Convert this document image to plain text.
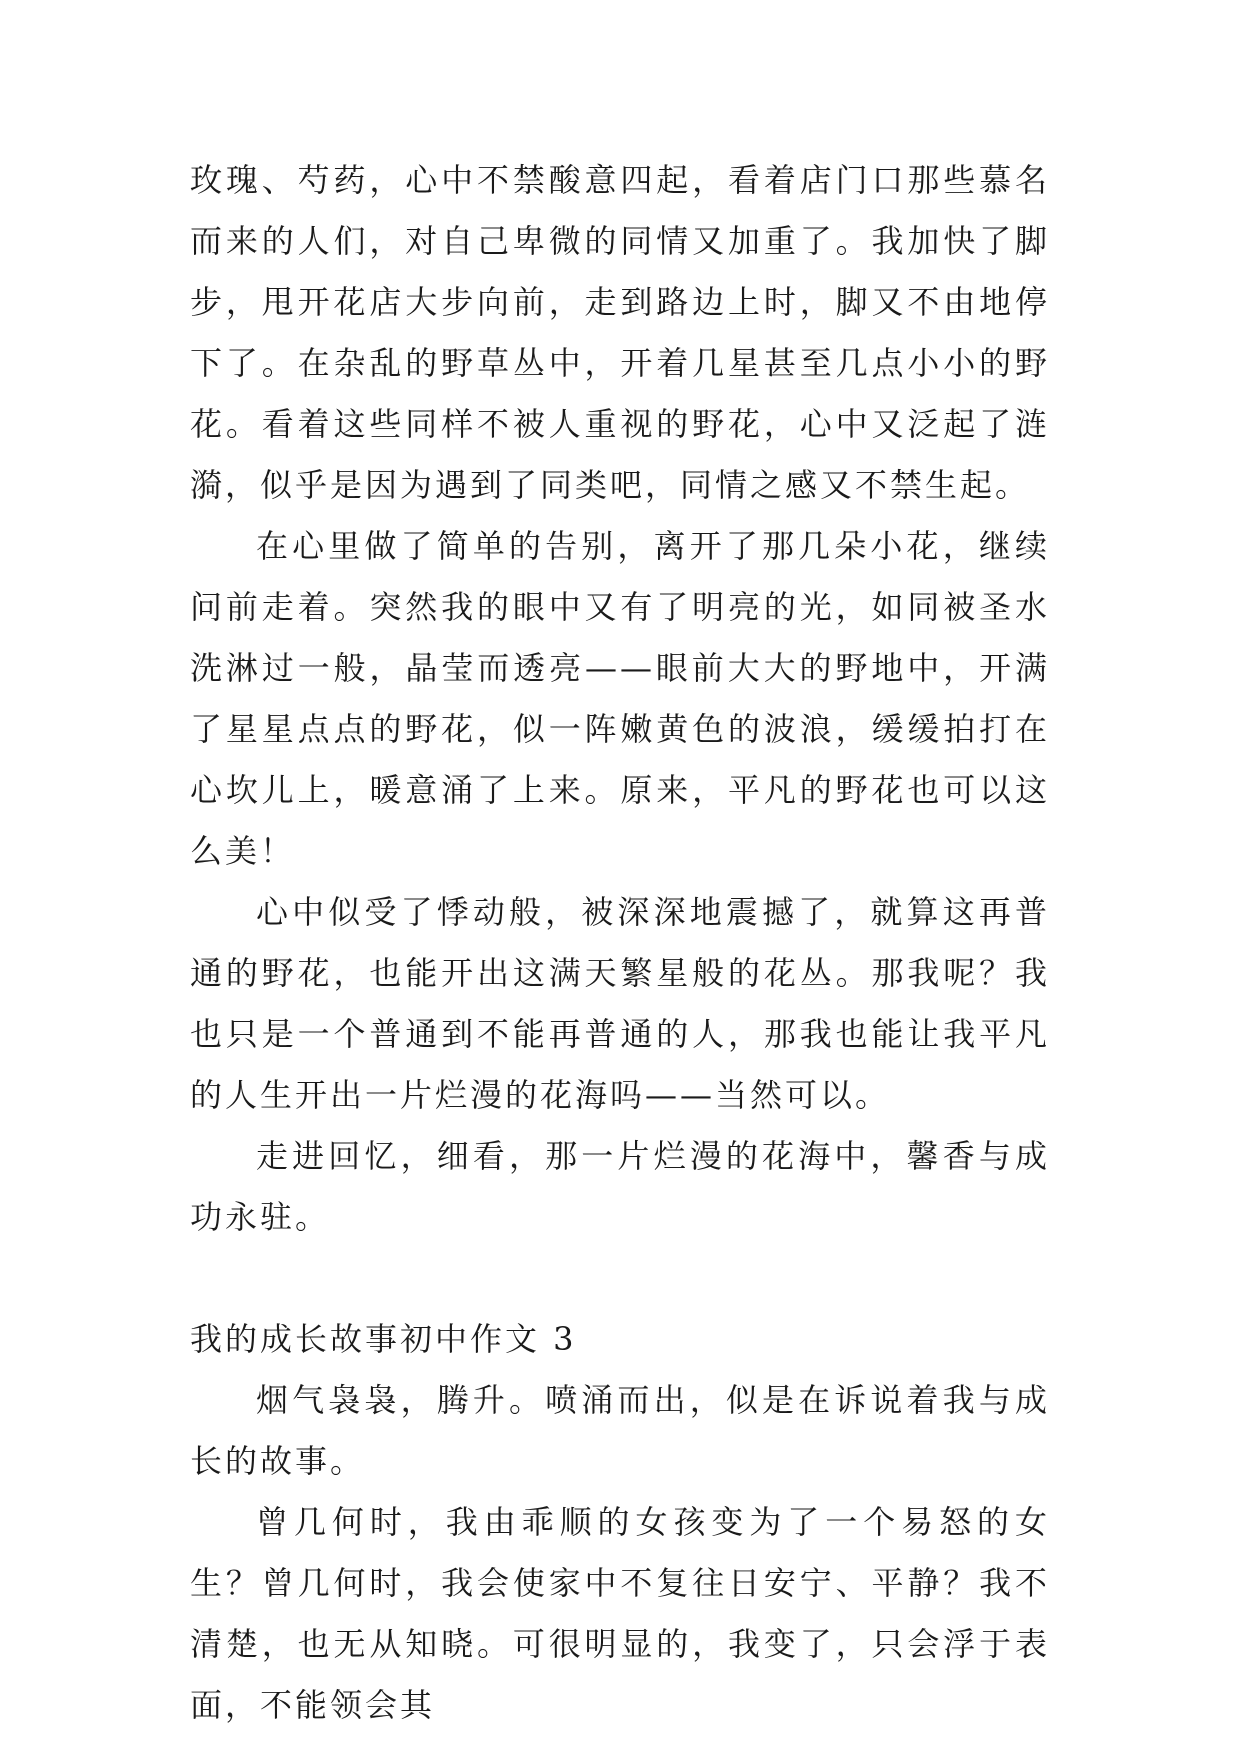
玫瑰、芍药，心中不禁酸意四起，看着店门口那些慕名而来的人们，对自己卑微的同情又加重了。我加快了脚步，甩开花店大步向前，走到路边上时，脚又不由地停下了。在杂乱的野草丛中，开着几星甚至几点小小的野花。看着这些同样不被人重视的野花，心中又泛起了涟漪，似乎是因为遇到了同类吧，同情之感又不禁生起。

在心里做了简单的告别，离开了那几朵小花，继续问前走着。突然我的眼中又有了明亮的光，如同被圣水洗淋过一般，晶莹而透亮——眼前大大的野地中，开满了星星点点的野花，似一阵嫩黄色的波浪，缓缓拍打在心坎儿上，暖意涌了上来。原来，平凡的野花也可以这么美！

心中似受了悸动般，被深深地震撼了，就算这再普通的野花，也能开出这满天繁星般的花丛。那我呢？我也只是一个普通到不能再普通的人，那我也能让我平凡的人生开出一片烂漫的花海吗——当然可以。

走进回忆，细看，那一片烂漫的花海中，馨香与成功永驻。

我的成长故事初中作文 3

烟气袅袅，腾升。喷涌而出，似是在诉说着我与成长的故事。

曾几何时，我由乖顺的女孩变为了一个易怒的女生？曾几何时，我会使家中不复往日安宁、平静？我不清楚，也无从知晓。可很明显的，我变了，只会浮于表面，不能领会其
